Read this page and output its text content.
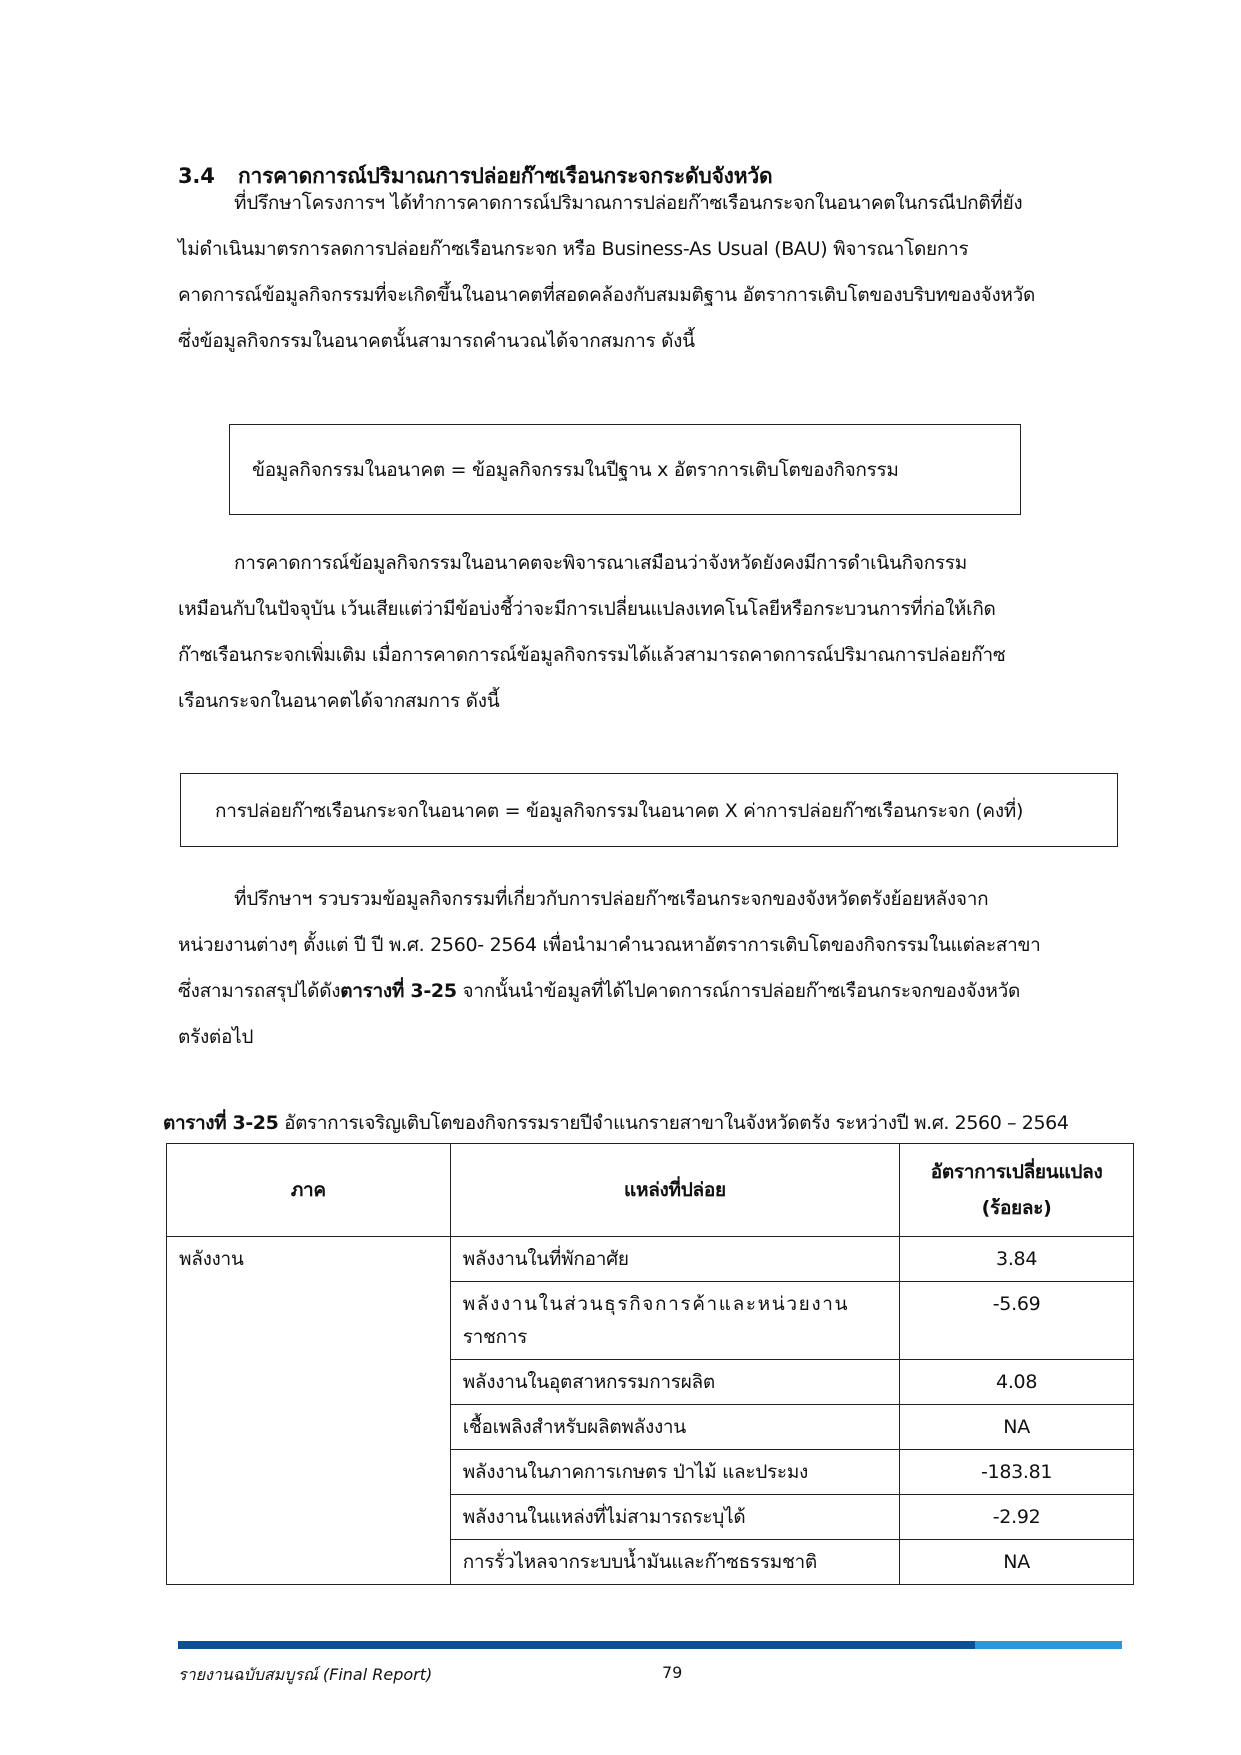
3.4 การคาดการณ์ปริมาณการปล่อยก๊าซเรือนกระจกระดับจังหวัด
ที่ปรึกษาโครงการฯ ได้ทำการคาดการณ์ปริมาณการปล่อยก๊าซเรือนกระจกในอนาคตในกรณีปกติที่ยัง
ไม่ดำเนินมาตรการลดการปล่อยก๊าซเรือนกระจก หรือ Business-As Usual (BAU) พิจารณาโดยการ
คาดการณ์ข้อมูลกิจกรรมที่จะเกิดขึ้นในอนาคตที่สอดคล้องกับสมมติฐาน อัตราการเติบโตของบริบทของจังหวัด
ซึ่งข้อมูลกิจกรรมในอนาคตนั้นสามารถคำนวณได้จากสมการ ดังนี้
ข้อมูลกิจกรรมในอนาคต = ข้อมูลกิจกรรมในปีฐาน x อัตราการเติบโตของกิจกรรม
การคาดการณ์ข้อมูลกิจกรรมในอนาคตจะพิจารณาเสมือนว่าจังหวัดยังคงมีการดำเนินกิจกรรม
เหมือนกับในปัจจุบัน เว้นเสียแต่ว่ามีข้อบ่งชี้ว่าจะมีการเปลี่ยนแปลงเทคโนโลยีหรือกระบวนการที่ก่อให้เกิด
ก๊าซเรือนกระจกเพิ่มเติม เมื่อการคาดการณ์ข้อมูลกิจกรรมได้แล้วสามารถคาดการณ์ปริมาณการปล่อยก๊าซ
เรือนกระจกในอนาคตได้จากสมการ ดังนี้
การปล่อยก๊าซเรือนกระจกในอนาคต = ข้อมูลกิจกรรมในอนาคต X ค่าการปล่อยก๊าซเรือนกระจก (คงที่)
ที่ปรึกษาฯ รวบรวมข้อมูลกิจกรรมที่เกี่ยวกับการปล่อยก๊าซเรือนกระจกของจังหวัดตรังย้อยหลังจาก
หน่วยงานต่างๆ ตั้งแต่ ปี ปี พ.ศ. 2560- 2564 เพื่อนำมาคำนวณหาอัตราการเติบโตของกิจกรรมในแต่ละสาขา
ซึ่งสามารถสรุปได้ดังตารางที่ 3-25 จากนั้นนำข้อมูลที่ได้ไปคาดการณ์การปล่อยก๊าซเรือนกระจกของจังหวัด
ตรังต่อไป
ตารางที่ 3-25 อัตราการเจริญเติบโตของกิจกรรมรายปีจำแนกรายสาขาในจังหวัดตรัง ระหว่างปี พ.ศ. 2560 – 2564
ภาค	แหล่งที่ปล่อย	อัตราการเปลี่ยนแปลง
(ร้อยละ)
พลังงาน	พลังงานในที่พักอาศัย	3.84
	พลังงานในส่วนธุรกิจการค้าและหน่วยงาน
ราชการ	-5.69
	พลังงานในอุตสาหกรรมการผลิต	4.08
	เชื้อเพลิงสำหรับผลิตพลังงาน	NA
	พลังงานในภาคการเกษตร ป่าไม้ และประมง	-183.81
	พลังงานในแหล่งที่ไม่สามารถระบุได้	-2.92
	การรั่วไหลจากระบบน้ำมันและก๊าซธรรมชาติ	NA
รายงานฉบับสมบูรณ์ (Final Report)	79
